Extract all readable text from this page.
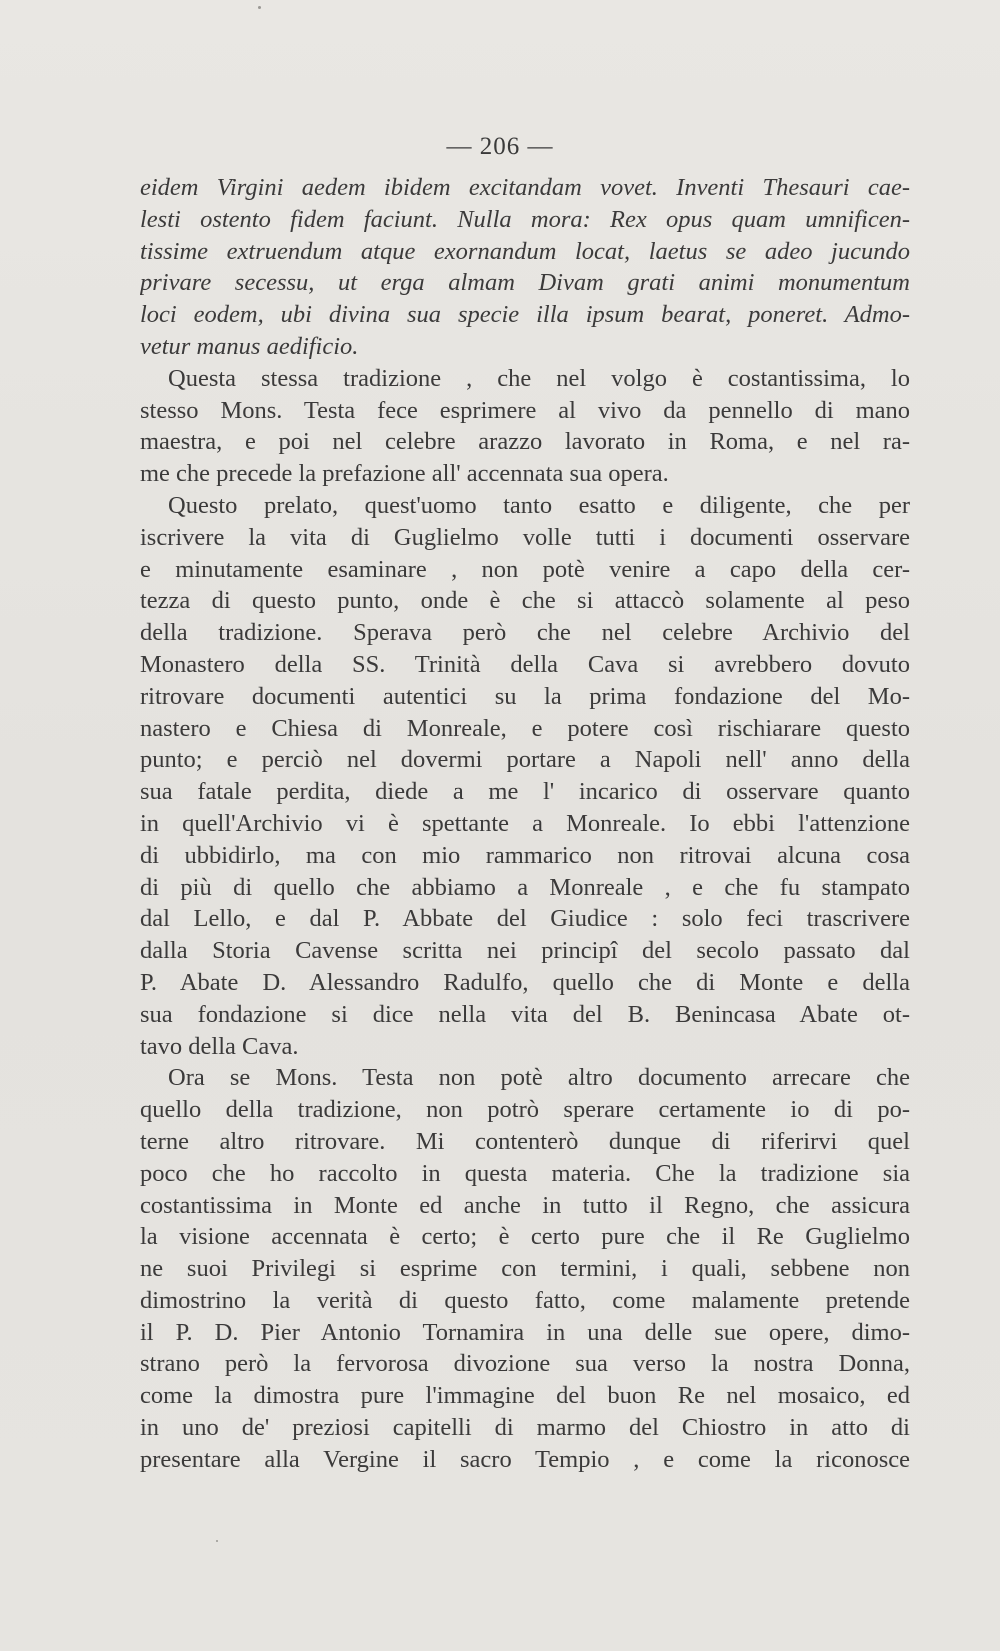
— 206 —
eidem Virgini aedem ibidem excitandam vovet. Inventi Thesauri cae-
lesti ostento fidem faciunt. Nulla mora: Rex opus quam umnificen-
tissime extruendum atque exornandum locat, laetus se adeo jucundo
privare secessu, ut erga almam Divam grati animi monumentum
loci eodem, ubi divina sua specie illa ipsum bearat, poneret. Admo-
vetur manus aedificio.
Questa stessa tradizione , che nel volgo è costantissima, lo
stesso Mons. Testa fece esprimere al vivo da pennello di mano
maestra, e poi nel celebre arazzo lavorato in Roma, e nel ra-
me che precede la prefazione all' accennata sua opera.
Questo prelato, quest'uomo tanto esatto e diligente, che per
iscrivere la vita di Guglielmo volle tutti i documenti osservare
e minutamente esaminare , non potè venire a capo della cer-
tezza di questo punto, onde è che si attaccò solamente al peso
della tradizione. Sperava però che nel celebre Archivio del
Monastero della SS. Trinità della Cava si avrebbero dovuto
ritrovare documenti autentici su la prima fondazione del Mo-
nastero e Chiesa di Monreale, e potere così rischiarare questo
punto; e perciò nel dovermi portare a Napoli nell' anno della
sua fatale perdita, diede a me l' incarico di osservare quanto
in quell'Archivio vi è spettante a Monreale. Io ebbi l'attenzione
di ubbidirlo, ma con mio rammarico non ritrovai alcuna cosa
di più di quello che abbiamo a Monreale , e che fu stampato
dal Lello, e dal P. Abbate del Giudice : solo feci trascrivere
dalla Storia Cavense scritta nei principî del secolo passato dal
P. Abate D. Alessandro Radulfo, quello che di Monte e della
sua fondazione si dice nella vita del B. Benincasa Abate ot-
tavo della Cava.
Ora se Mons. Testa non potè altro documento arrecare che
quello della tradizione, non potrò sperare certamente io di po-
terne altro ritrovare. Mi contenterò dunque di riferirvi quel
poco che ho raccolto in questa materia. Che la tradizione sia
costantissima in Monte ed anche in tutto il Regno, che assicura
la visione accennata è certo; è certo pure che il Re Guglielmo
ne suoi Privilegi si esprime con termini, i quali, sebbene non
dimostrino la verità di questo fatto, come malamente pretende
il P. D. Pier Antonio Tornamira in una delle sue opere, dimo-
strano però la fervorosa divozione sua verso la nostra Donna,
come la dimostra pure l'immagine del buon Re nel mosaico, ed
in uno de' preziosi capitelli di marmo del Chiostro in atto di
presentare alla Vergine il sacro Tempio , e come la riconosce
